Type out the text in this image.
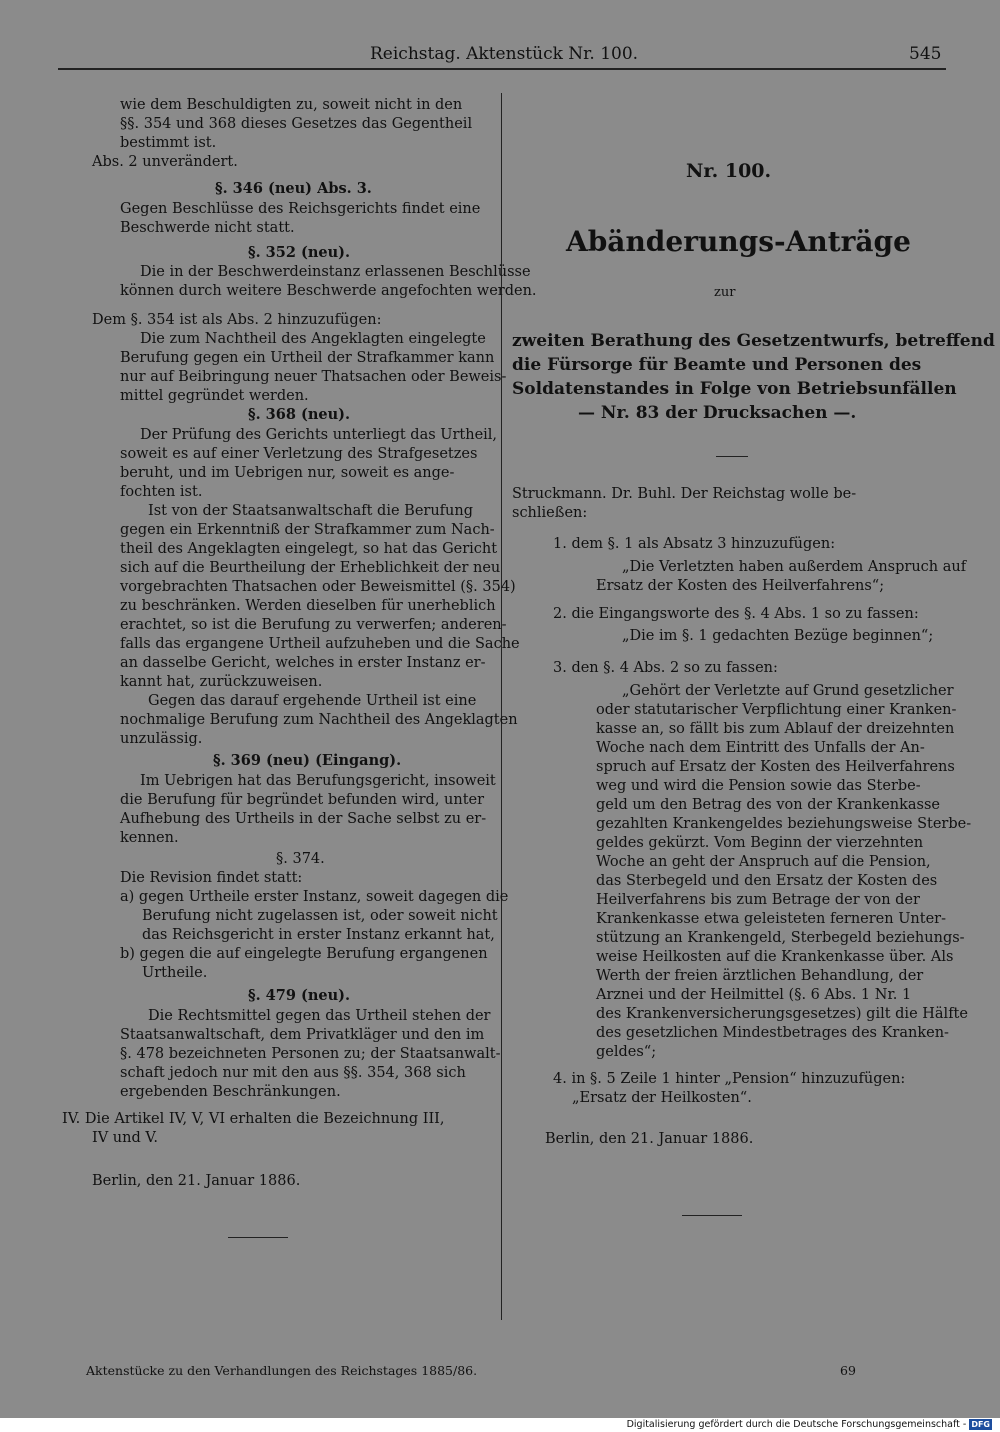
Reichstag. Aktenstück Nr. 100.	545
wie dem Beschuldigten zu, soweit nicht in den
§§. 354 und 368 dieses Gesetzes das Gegentheil
bestimmt ist.
Abs. 2 unverändert.
§. 346 (neu) Abs. 3.
Gegen Beschlüsse des Reichsgerichts findet eine
Beschwerde nicht statt.
§. 352 (neu).
Die in der Beschwerdeinstanz erlassenen Beschlüsse
können durch weitere Beschwerde angefochten werden.
Dem §. 354 ist als Abs. 2 hinzuzufügen:
Die zum Nachtheil des Angeklagten eingelegte
Berufung gegen ein Urtheil der Strafkammer kann
nur auf Beibringung neuer Thatsachen oder Beweis-
mittel gegründet werden.
§. 368 (neu).
Der Prüfung des Gerichts unterliegt das Urtheil,
soweit es auf einer Verletzung des Strafgesetzes
beruht, und im Uebrigen nur, soweit es ange-
fochten ist.
Ist von der Staatsanwaltschaft die Berufung
gegen ein Erkenntniß der Strafkammer zum Nach-
theil des Angeklagten eingelegt, so hat das Gericht
sich auf die Beurtheilung der Erheblichkeit der neu
vorgebrachten Thatsachen oder Beweismittel (§. 354)
zu beschränken. Werden dieselben für unerheblich
erachtet, so ist die Berufung zu verwerfen; anderen-
falls das ergangene Urtheil aufzuheben und die Sache
an dasselbe Gericht, welches in erster Instanz er-
kannt hat, zurückzuweisen.
Gegen das darauf ergehende Urtheil ist eine
nochmalige Berufung zum Nachtheil des Angeklagten
unzulässig.
§. 369 (neu) (Eingang).
Im Uebrigen hat das Berufungsgericht, insoweit
die Berufung für begründet befunden wird, unter
Aufhebung des Urtheils in der Sache selbst zu er-
kennen.
§. 374.
Die Revision findet statt:
a) gegen Urtheile erster Instanz, soweit dagegen die
Berufung nicht zugelassen ist, oder soweit nicht
das Reichsgericht in erster Instanz erkannt hat,
b) gegen die auf eingelegte Berufung ergangenen
Urtheile.
§. 479 (neu).
Die Rechtsmittel gegen das Urtheil stehen der
Staatsanwaltschaft, dem Privatkläger und den im
§. 478 bezeichneten Personen zu; der Staatsanwalt-
schaft jedoch nur mit den aus §§. 354, 368 sich
ergebenden Beschränkungen.
IV. Die Artikel IV, V, VI erhalten die Bezeichnung III,
IV und V.
Berlin, den 21. Januar 1886.
Nr. 100.
Abänderungs-Anträge
zur
zweiten Berathung des Gesetzentwurfs, betreffend
die Fürsorge für Beamte und Personen des
Soldatenstandes in Folge von Betriebsunfällen
— Nr. 83 der Drucksachen —.
Struckmann. Dr. Buhl. Der Reichstag wolle be-
schließen:
1. dem §. 1 als Absatz 3 hinzuzufügen:
„Die Verletzten haben außerdem Anspruch auf
Ersatz der Kosten des Heilverfahrens“;
2. die Eingangsworte des §. 4 Abs. 1 so zu fassen:
„Die im §. 1 gedachten Bezüge beginnen“;
3. den §. 4 Abs. 2 so zu fassen:
„Gehört der Verletzte auf Grund gesetzlicher
oder statutarischer Verpflichtung einer Kranken-
kasse an, so fällt bis zum Ablauf der dreizehnten
Woche nach dem Eintritt des Unfalls der An-
spruch auf Ersatz der Kosten des Heilverfahrens
weg und wird die Pension sowie das Sterbe-
geld um den Betrag des von der Krankenkasse
gezahlten Krankengeldes beziehungsweise Sterbe-
geldes gekürzt. Vom Beginn der vierzehnten
Woche an geht der Anspruch auf die Pension,
das Sterbegeld und den Ersatz der Kosten des
Heilverfahrens bis zum Betrage der von der
Krankenkasse etwa geleisteten ferneren Unter-
stützung an Krankengeld, Sterbegeld beziehungs-
weise Heilkosten auf die Krankenkasse über. Als
Werth der freien ärztlichen Behandlung, der
Arznei und der Heilmittel (§. 6 Abs. 1 Nr. 1
des Krankenversicherungsgesetzes) gilt die Hälfte
des gesetzlichen Mindestbetrages des Kranken-
geldes“;
4. in §. 5 Zeile 1 hinter „Pension“ hinzuzufügen:
„Ersatz der Heilkosten“.
Berlin, den 21. Januar 1886.
Aktenstücke zu den Verhandlungen des Reichstages 1885/86.	69
Digitalisierung gefördert durch die Deutsche Forschungsgemeinschaft - DFG
